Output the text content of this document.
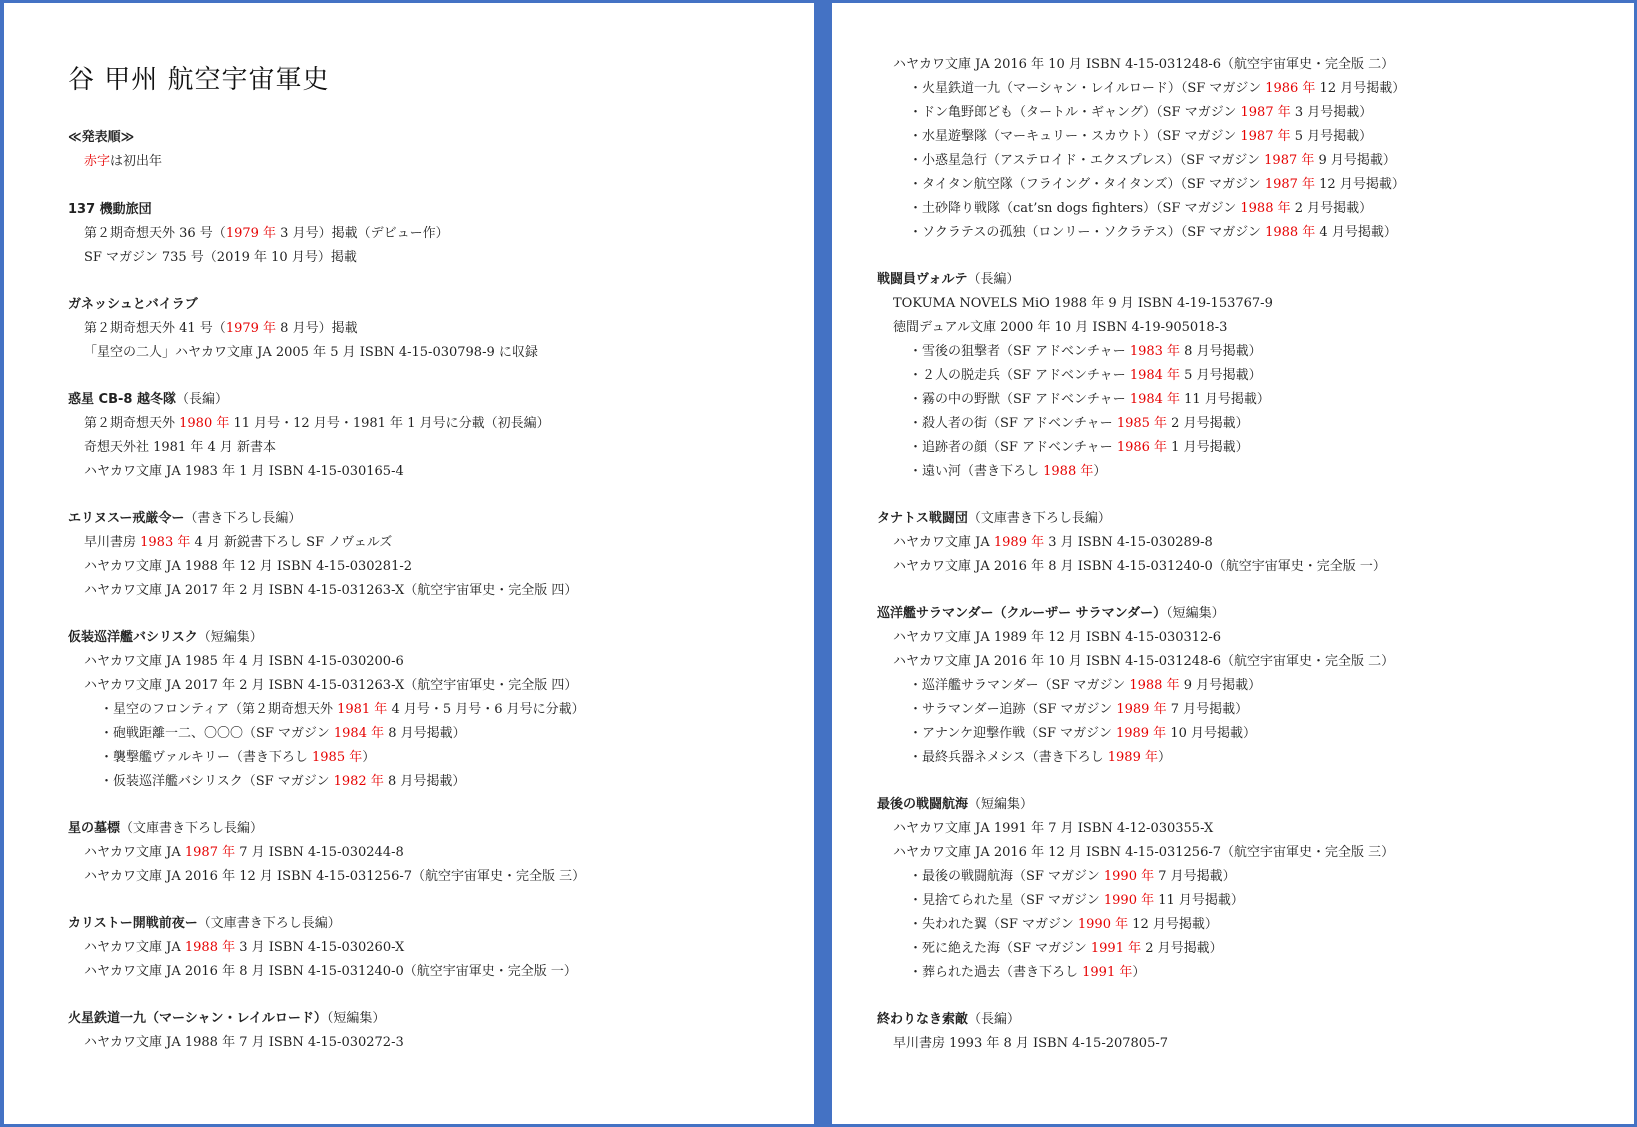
谷 甲州 航空宇宙軍史
≪発表順≫
赤字は初出年
137 機動旅団
第２期奇想天外 36 号（1979 年 3 月号）掲載（デビュー作）
SF マガジン 735 号（2019 年 10 月号）掲載
ガネッシュとバイラブ
第２期奇想天外 41 号（1979 年 8 月号）掲載
「星空の二人」ハヤカワ文庫 JA 2005 年 5 月 ISBN 4-15-030798-9 に収録
惑星 CB-8 越冬隊（長編）
第２期奇想天外 1980 年 11 月号・12 月号・1981 年 1 月号に分載（初長編）
奇想天外社 1981 年 4 月 新書本
ハヤカワ文庫 JA 1983 年 1 月 ISBN 4-15-030165-4
エリヌスー戒厳令ー（書き下ろし長編）
早川書房 1983 年 4 月 新鋭書下ろし SF ノヴェルズ
ハヤカワ文庫 JA 1988 年 12 月 ISBN 4-15-030281-2
ハヤカワ文庫 JA 2017 年 2 月 ISBN 4-15-031263-X（航空宇宙軍史・完全版 四）
仮装巡洋艦バシリスク（短編集）
ハヤカワ文庫 JA 1985 年 4 月 ISBN 4-15-030200-6
ハヤカワ文庫 JA 2017 年 2 月 ISBN 4-15-031263-X（航空宇宙軍史・完全版 四）
・星空のフロンティア（第２期奇想天外 1981 年 4 月号・5 月号・6 月号に分載）
・砲戦距離一二、〇〇〇（SF マガジン 1984 年 8 月号掲載）
・襲撃艦ヴァルキリー（書き下ろし 1985 年）
・仮装巡洋艦バシリスク（SF マガジン 1982 年 8 月号掲載）
星の墓標（文庫書き下ろし長編）
ハヤカワ文庫 JA 1987 年 7 月 ISBN 4-15-030244-8
ハヤカワ文庫 JA 2016 年 12 月 ISBN 4-15-031256-7（航空宇宙軍史・完全版 三）
カリストー開戦前夜ー（文庫書き下ろし長編）
ハヤカワ文庫 JA 1988 年 3 月 ISBN 4-15-030260-X
ハヤカワ文庫 JA 2016 年 8 月 ISBN 4-15-031240-0（航空宇宙軍史・完全版 一）
火星鉄道一九（マーシャン・レイルロード）（短編集）
ハヤカワ文庫 JA 1988 年 7 月 ISBN 4-15-030272-3
ハヤカワ文庫 JA 2016 年 10 月 ISBN 4-15-031248-6（航空宇宙軍史・完全版 二）
・火星鉄道一九（マーシャン・レイルロード）（SF マガジン 1986 年 12 月号掲載）
・ドン亀野郎ども（タートル・ギャング）（SF マガジン 1987 年 3 月号掲載）
・水星遊撃隊（マーキュリー・スカウト）（SF マガジン 1987 年 5 月号掲載）
・小惑星急行（アステロイド・エクスプレス）（SF マガジン 1987 年 9 月号掲載）
・タイタン航空隊（フライング・タイタンズ）（SF マガジン 1987 年 12 月号掲載）
・土砂降り戦隊（cat’sn dogs fighters）（SF マガジン 1988 年 2 月号掲載）
・ソクラテスの孤独（ロンリー・ソクラテス）（SF マガジン 1988 年 4 月号掲載）
戦闘員ヴォルテ（長編）
TOKUMA NOVELS MiO 1988 年 9 月 ISBN 4-19-153767-9
徳間デュアル文庫 2000 年 10 月 ISBN 4-19-905018-3
・雪後の狙撃者（SF アドベンチャー 1983 年 8 月号掲載）
・２人の脱走兵（SF アドベンチャー 1984 年 5 月号掲載）
・霧の中の野獣（SF アドベンチャー 1984 年 11 月号掲載）
・殺人者の街（SF アドベンチャー 1985 年 2 月号掲載）
・追跡者の顔（SF アドベンチャー 1986 年 1 月号掲載）
・遠い河（書き下ろし 1988 年）
タナトス戦闘団（文庫書き下ろし長編）
ハヤカワ文庫 JA 1989 年 3 月 ISBN 4-15-030289-8
ハヤカワ文庫 JA 2016 年 8 月 ISBN 4-15-031240-0（航空宇宙軍史・完全版 一）
巡洋艦サラマンダー（クルーザー サラマンダー）（短編集）
ハヤカワ文庫 JA 1989 年 12 月 ISBN 4-15-030312-6
ハヤカワ文庫 JA 2016 年 10 月 ISBN 4-15-031248-6（航空宇宙軍史・完全版 二）
・巡洋艦サラマンダー（SF マガジン 1988 年 9 月号掲載）
・サラマンダー追跡（SF マガジン 1989 年 7 月号掲載）
・アナンケ迎撃作戦（SF マガジン 1989 年 10 月号掲載）
・最終兵器ネメシス（書き下ろし 1989 年）
最後の戦闘航海（短編集）
ハヤカワ文庫 JA 1991 年 7 月 ISBN 4-12-030355-X
ハヤカワ文庫 JA 2016 年 12 月 ISBN 4-15-031256-7（航空宇宙軍史・完全版 三）
・最後の戦闘航海（SF マガジン 1990 年 7 月号掲載）
・見捨てられた星（SF マガジン 1990 年 11 月号掲載）
・失われた翼（SF マガジン 1990 年 12 月号掲載）
・死に絶えた海（SF マガジン 1991 年 2 月号掲載）
・葬られた過去（書き下ろし 1991 年）
終わりなき索敵（長編）
早川書房 1993 年 8 月 ISBN 4-15-207805-7
